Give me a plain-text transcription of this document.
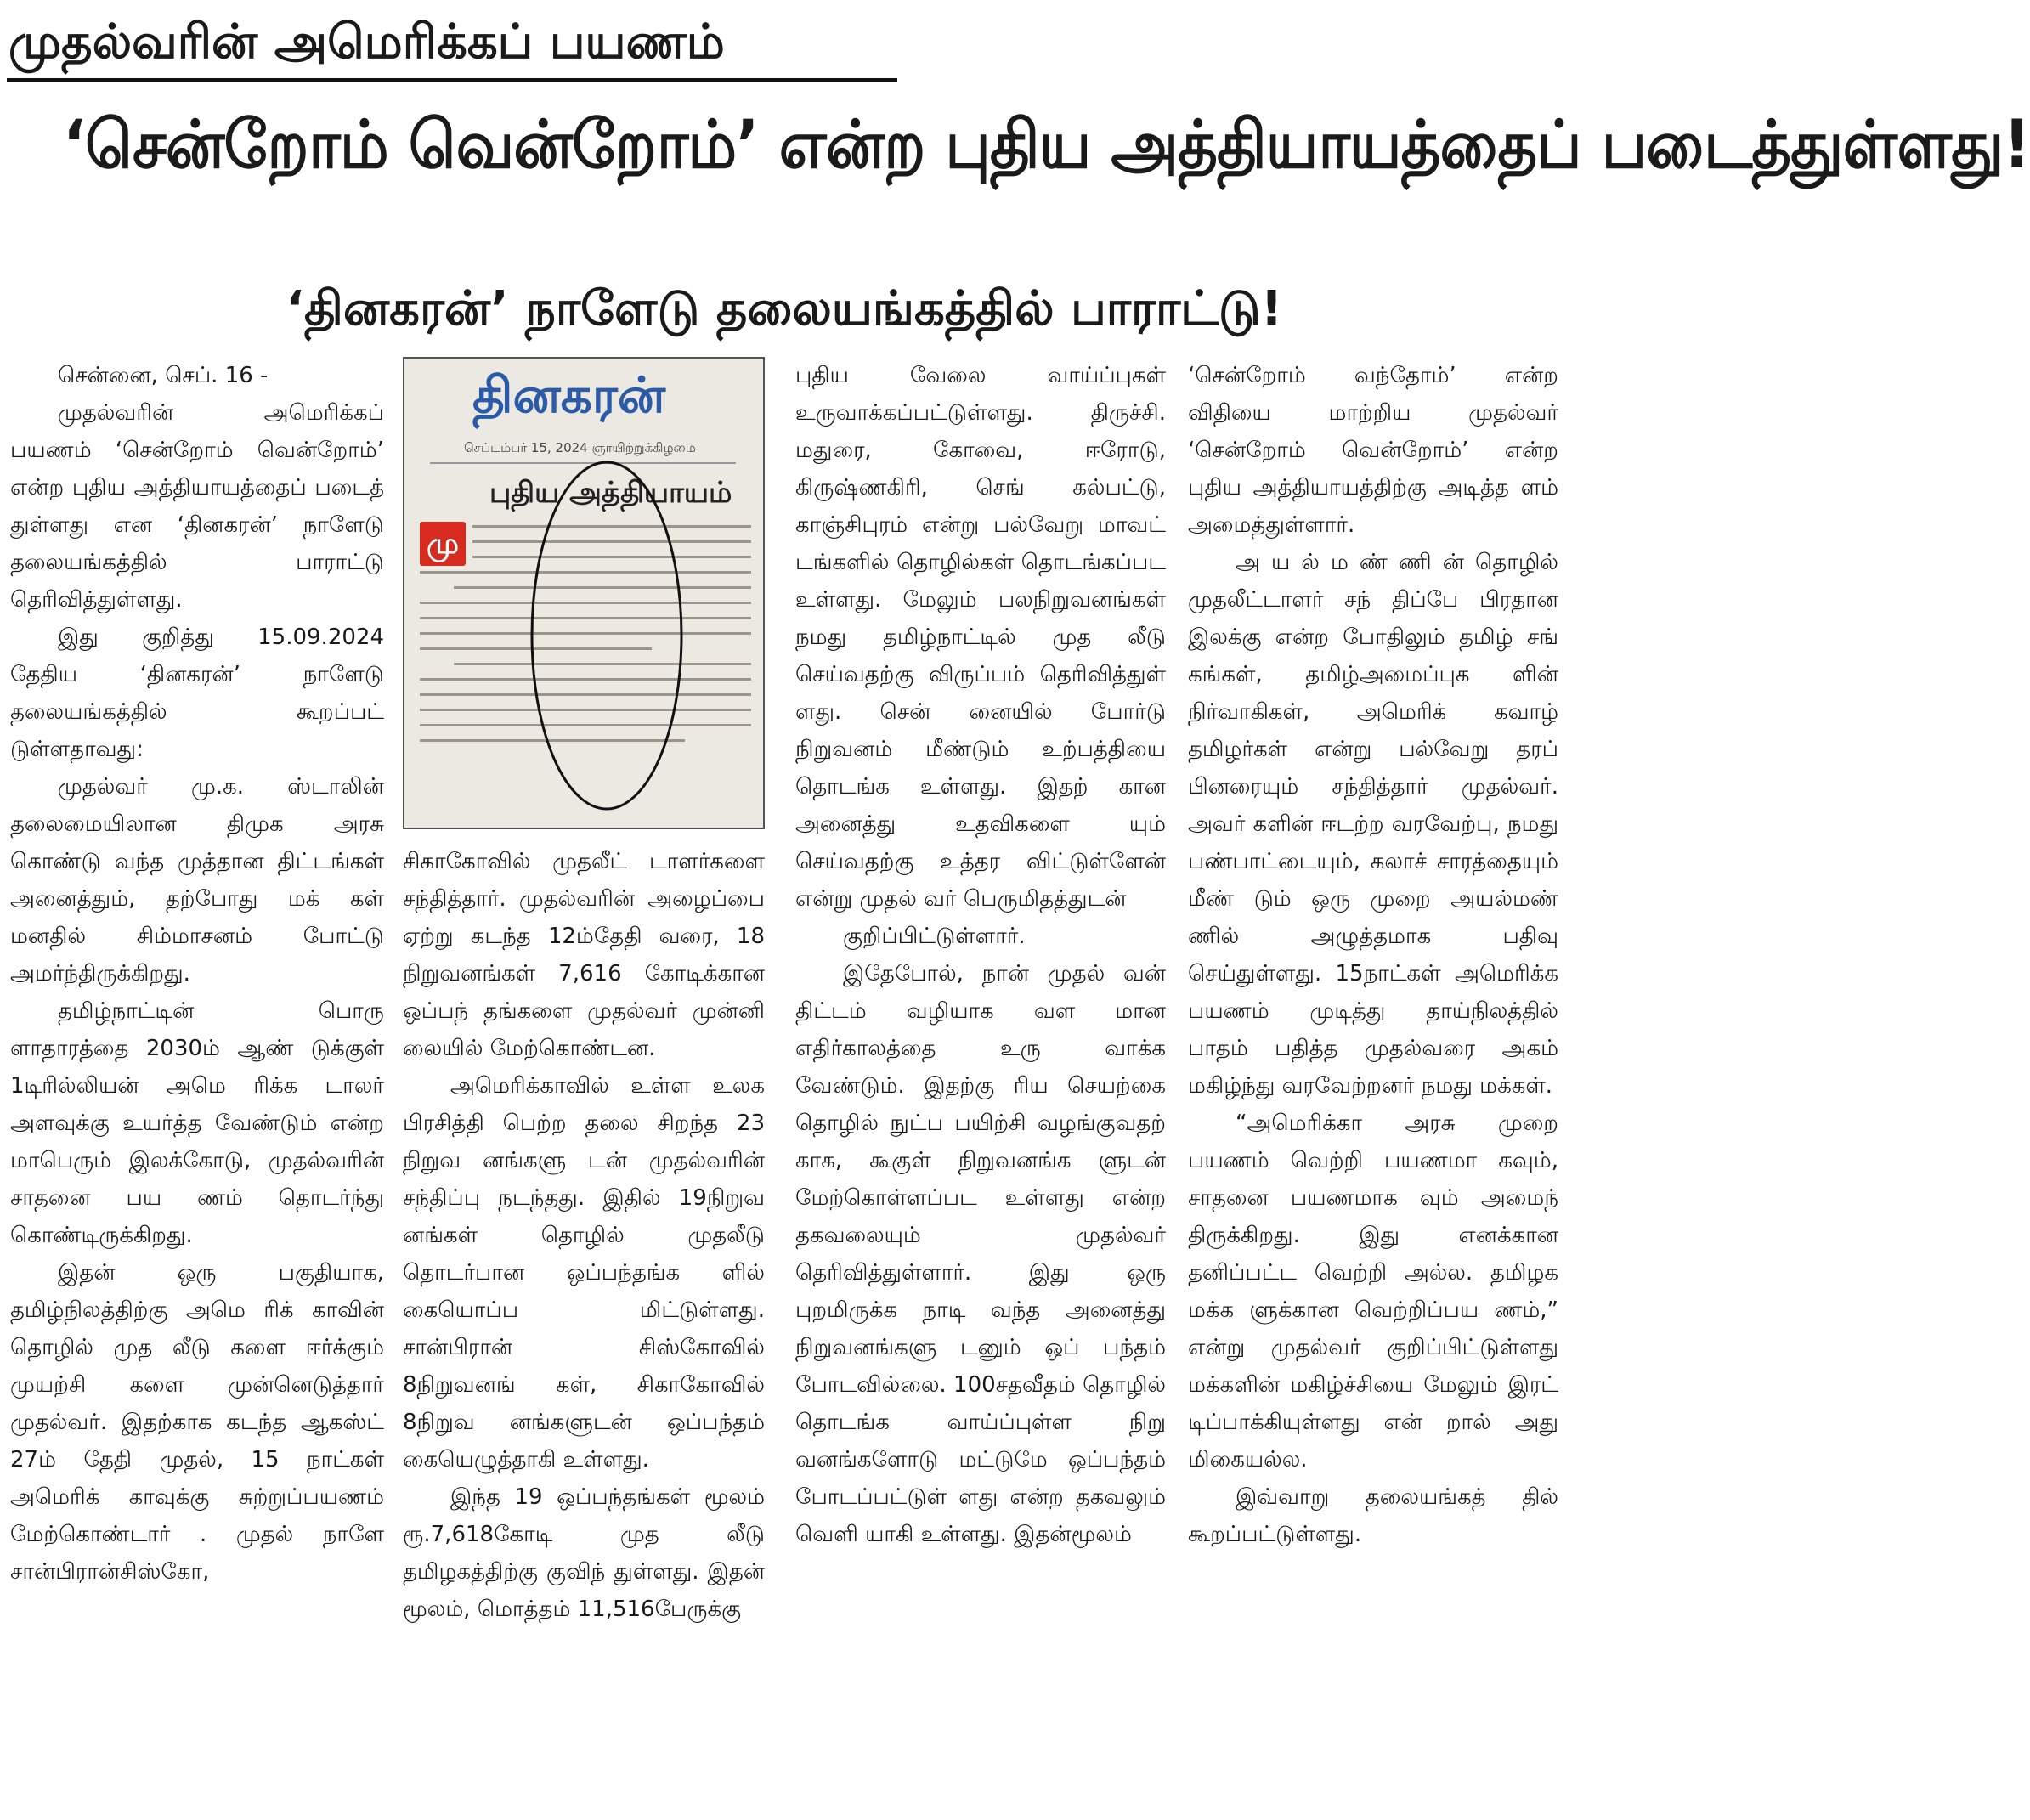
முதல்வரின் அமெரிக்கப் பயணம்
‘சென்றோம் வென்றோம்’ என்ற புதிய அத்தியாயத்தைப் படைத்துள்ளது!
‘தினகரன்’ நாளேடு தலையங்கத்தில் பாராட்டு!

சென்னை, செப். 16 -

முதல்வரின் அமெரிக்கப் பயணம் ‘சென்றோம் வென்றோம்’ என்ற புதிய அத்தியாயத்தைப் படைத் துள்ளது என ‘தினகரன்’ நாளேடு தலையங்கத்தில் பாராட்டு தெரிவித்துள்ளது.

இது குறித்து 15.09.2024 தேதிய ‘தினகரன்’ நாளேடு தலையங்கத்தில் கூறப்பட் டுள்ளதாவது:

முதல்வர் மு.க. ஸ்டாலின் தலைமையிலான திமுக அரசு கொண்டு வந்த முத்தான திட்டங்கள் அனைத்தும், தற்போது மக் கள் மனதில் சிம்மாசனம் போட்டு அமர்ந்திருக்கிறது.

தமிழ்நாட்டின் பொரு ளாதாரத்தை 2030ம் ஆண் டுக்குள் 1டிரில்லியன் அமெ ரிக்க டாலர் அளவுக்கு உயர்த்த வேண்டும் என்ற மாபெரும் இலக்கோடு, முதல்வரின் சாதனை பய ணம் தொடர்ந்து கொண்டிருக்கிறது.

இதன் ஒரு பகுதியாக, தமிழ்நிலத்திற்கு அமெ ரிக் காவின் தொழில் முத லீடு களை ஈர்க்கும் முயற்சி களை முன்னெடுத்தார் முதல்வர். இதற்காக கடந்த ஆகஸ்ட் 27ம் தேதி முதல், 15 நாட்கள் அமெரிக் காவுக்கு சுற்றுப்பயணம் மேற்கொண்டார் . முதல் நாளே சான்பிரான்சிஸ்கோ,

தினகரன்
செப்டம்பர் 15, 2024 ஞாயிற்றுக்கிழமை
புதிய அத்தியாயம்
மு

சிகாகோவில் முதலீட் டாளர்களை சந்தித்தார். முதல்வரின் அழைப்பை ஏற்று கடந்த 12ம்தேதி வரை, 18 நிறுவனங்கள் 7,616 கோடிக்கான ஒப்பந் தங்களை முதல்வர் முன்னி லையில் மேற்கொண்டன.

அமெரிக்காவில் உள்ள உலக பிரசித்தி பெற்ற தலை சிறந்த 23 நிறுவ னங்களு டன் முதல்வரின் சந்திப்பு நடந்தது. இதில் 19நிறுவ னங்கள் தொழில் முதலீடு தொடர்பான ஒப்பந்தங்க ளில் கையொப்ப மிட்டுள்ளது. சான்பிரான் சிஸ்கோவில் 8நிறுவனங் கள், சிகாகோவில் 8நிறுவ னங்களுடன் ஒப்பந்தம் கையெழுத்தாகி உள்ளது.

இந்த 19 ஒப்பந்தங்கள் மூலம் ரூ.7,618கோடி முத லீடு தமிழகத்திற்கு குவிந் துள்ளது. இதன் மூலம், மொத்தம் 11,516பேருக்கு

புதிய வேலை வாய்ப்புகள் உருவாக்கப்பட்டுள்ளது. திருச்சி. மதுரை, கோவை, ஈரோடு, கிருஷ்ணகிரி, செங் கல்பட்டு, காஞ்சிபுரம் என்று பல்வேறு மாவட் டங்களில் தொழில்கள் தொடங்கப்பட உள்ளது. மேலும் பலநிறுவனங்கள் நமது தமிழ்நாட்டில் முத லீடு செய்வதற்கு விருப்பம் தெரிவித்துள் ளது. சென் னையில் போர்டு நிறுவனம் மீண்டும் உற்பத்தியை தொடங்க உள்ளது. இதற் கான அனைத்து உதவிகளை யும் செய்வதற்கு உத்தர விட்டுள்ளேன் என்று முதல் வர் பெருமிதத்துடன்

குறிப்பிட்டுள்ளார்.

இதேபோல், நான் முதல் வன் திட்டம் வழியாக வள மான எதிர்காலத்தை உரு வாக்க வேண்டும். இதற்கு ரிய செயற்கை தொழில் நுட்ப பயிற்சி வழங்குவதற் காக, கூகுள் நிறுவனங்க ளுடன் மேற்கொள்ளப்பட உள்ளது என்ற தகவலையும் முதல்வர் தெரிவித்துள்ளார். இது ஒரு புறமிருக்க நாடி வந்த அனைத்து நிறுவனங்களு டனும் ஒப் பந்தம் போடவில்லை. 100சதவீதம் தொழில் தொடங்க வாய்ப்புள்ள நிறு வனங்களோடு மட்டுமே ஒப்பந்தம் போடப்பட்டுள் ளது என்ற தகவலும் வெளி யாகி உள்ளது. இதன்மூலம்

‘சென்றோம் வந்தோம்’ என்ற விதியை மாற்றிய முதல்வர் ‘சென்றோம் வென்றோம்’ என்ற புதிய அத்தியாயத்திற்கு அடித்த ளம் அமைத்துள்ளார்.

அ ய ல் ம ண் ணி ன் தொழில் முதலீட்டாளர் சந் திப்பே பிரதான இலக்கு என்ற போதிலும் தமிழ் சங் கங்கள், தமிழ்அமைப்புக ளின் நிர்வாகிகள், அமெரிக் கவாழ் தமிழர்கள் என்று பல்வேறு தரப் பினரையும் சந்தித்தார் முதல்வர். அவர் களின் ஈடற்ற வரவேற்பு, நமது பண்பாட்டையும், கலாச் சாரத்தையும் மீண் டும் ஒரு முறை அயல்மண் ணில் அழுத்தமாக பதிவு செய்துள்ளது. 15நாட்கள் அமெரிக்க பயணம் முடித்து தாய்நிலத்தில் பாதம் பதித்த முதல்வரை அகம் மகிழ்ந்து வரவேற்றனர் நமது மக்கள்.

“அமெரிக்கா அரசு முறை பயணம் வெற்றி பயணமா கவும், சாதனை பயணமாக வும் அமைந் திருக்கிறது. இது எனக்கான தனிப்பட்ட வெற்றி அல்ல. தமிழக மக்க ளுக்கான வெற்றிப்பய ணம்,” என்று முதல்வர் குறிப்பிட்டுள்ளது மக்களின் மகிழ்ச்சியை மேலும் இரட் டிப்பாக்கியுள்ளது என் றால் அது மிகையல்ல.

இவ்வாறு தலையங்கத் தில் கூறப்பட்டுள்ளது.
